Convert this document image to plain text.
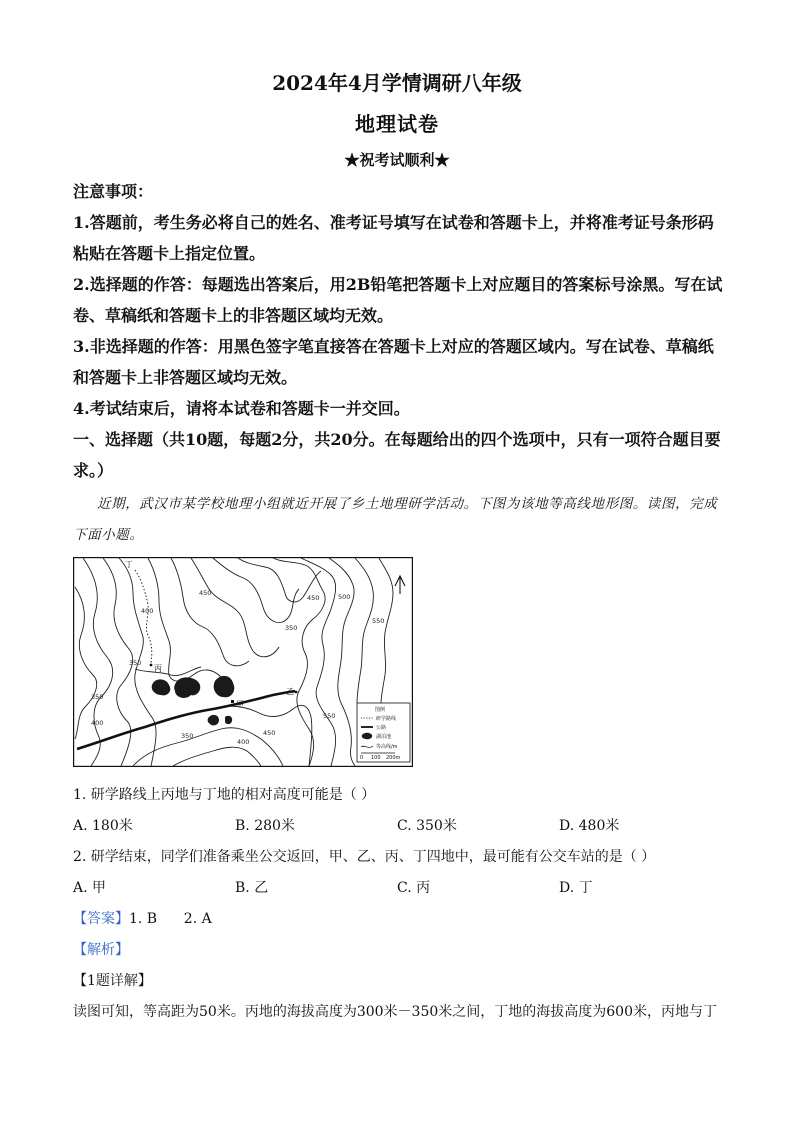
2024年4月学情调研八年级
地理试卷
★祝考试顺利★
注意事项：
1.答题前，考生务必将自己的姓名、准考证号填写在试卷和答题卡上，并将准考证号条形码粘贴在答题卡上指定位置。
2.选择题的作答：每题选出答案后，用2B铅笔把答题卡上对应题目的答案标号涂黑。写在试卷、草稿纸和答题卡上的非答题区域均无效。
3.非选择题的作答：用黑色签字笔直接答在答题卡上对应的答题区域内。写在试卷、草稿纸和答题卡上非答题区域均无效。
4.考试结束后，请将本试卷和答题卡一并交回。
一、选择题（共10题，每题2分，共20分。在每题给出的四个选项中，只有一项符合题目要求。）
近期，武汉市某学校地理小组就近开展了乡土地理研学活动。下图为该地等高线地形图。读图，完成下面小题。
丁
丙
甲
乙
400
450
450	500
350
550
350
350
400
350
400
450
550
图例
研学路线
公路
湖泊池
等高线/m
0 100 200m
1. 研学路线上丙地与丁地的相对高度可能是（ ）
A. 180米	B. 280米	C. 350米	D. 480米
2. 研学结束，同学们准备乘坐公交返回，甲、乙、丙、丁四地中，最可能有公交车站的是（ ）
A. 甲	B. 乙	C. 丙	D. 丁
【答案】1. B      2. A
【解析】
【1题详解】
读图可知，等高距为50米。丙地的海拔高度为300米－350米之间，丁地的海拔高度为600米，丙地与丁
